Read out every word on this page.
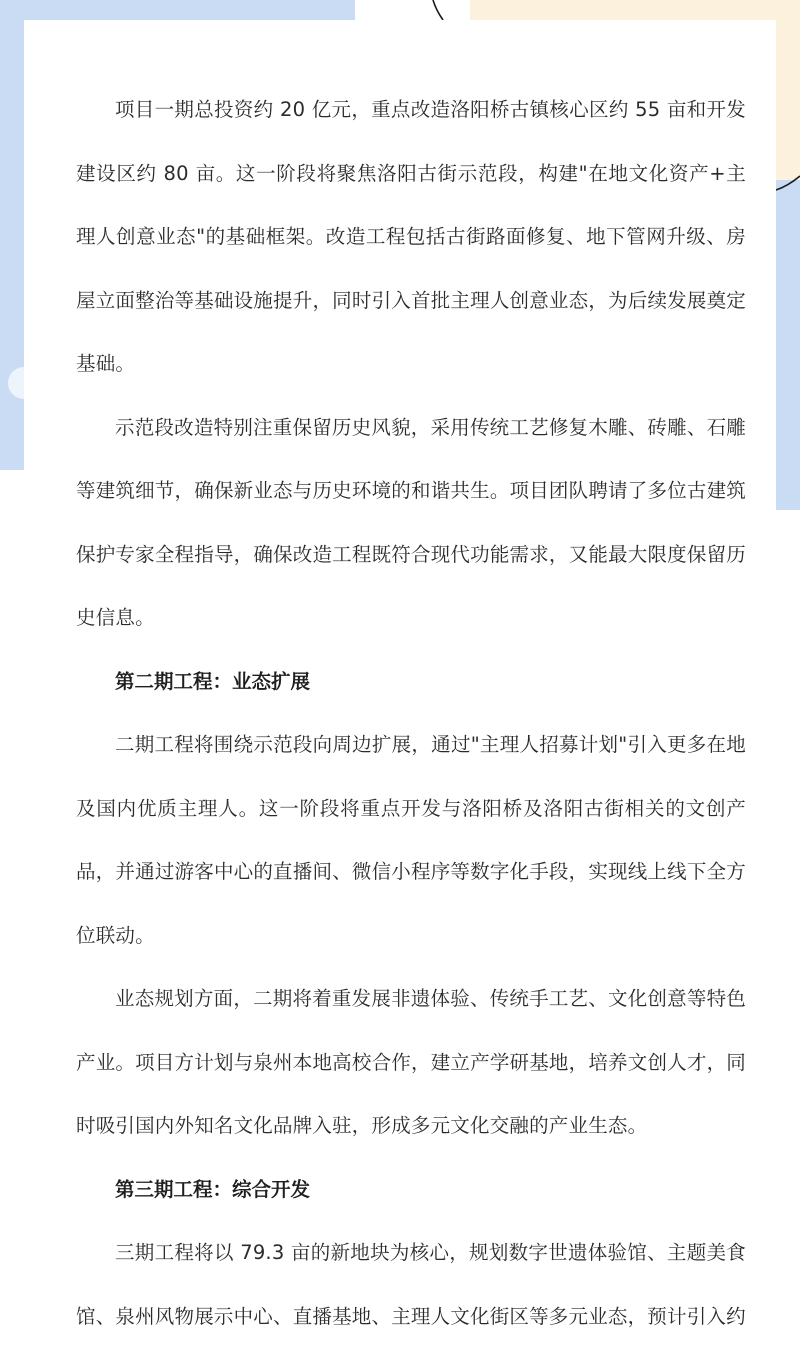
项目一期总投资约 20 亿元，重点改造洛阳桥古镇核心区约 55 亩和开发建设区约 80 亩。这一阶段将聚焦洛阳古街示范段，构建"在地文化资产+主理人创意业态"的基础框架。改造工程包括古街路面修复、地下管网升级、房屋立面整治等基础设施提升，同时引入首批主理人创意业态，为后续发展奠定基础。

示范段改造特别注重保留历史风貌，采用传统工艺修复木雕、砖雕、石雕等建筑细节，确保新业态与历史环境的和谐共生。项目团队聘请了多位古建筑保护专家全程指导，确保改造工程既符合现代功能需求，又能最大限度保留历史信息。

第二期工程：业态扩展

二期工程将围绕示范段向周边扩展，通过"主理人招募计划"引入更多在地及国内优质主理人。这一阶段将重点开发与洛阳桥及洛阳古街相关的文创产品，并通过游客中心的直播间、微信小程序等数字化手段，实现线上线下全方位联动。

业态规划方面，二期将着重发展非遗体验、传统手工艺、文化创意等特色产业。项目方计划与泉州本地高校合作，建立产学研基地，培养文创人才，同时吸引国内外知名文化品牌入驻，形成多元文化交融的产业生态。

第三期工程：综合开发

三期工程将以 79.3 亩的新地块为核心，规划数字世遗体验馆、主题美食馆、泉州风物展示中心、直播基地、主理人文化街区等多元业态，预计引入约
